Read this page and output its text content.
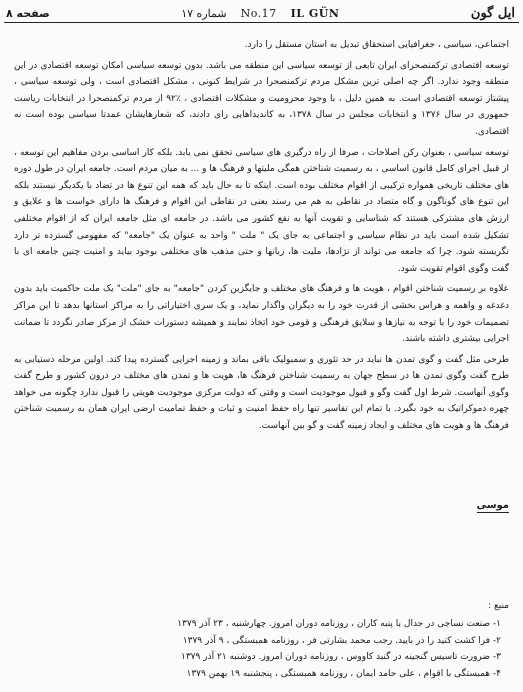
صفحه ۸	شماره ۱۷ No.17 IL GÜN	ایل گون

اجتماعی، سیاسی ، جغرافیایی استحقاق تبدیل به استان مستقل را دارد.

توسعه اقتصادی ترکمنصحرای ایران تابعی از توسعه سیاسی این منطقه می باشد. بدون توسعه سیاسی امکان توسعه اقتصادی در این منطقه وجود ندارد. اگر چه اصلی ترین مشکل مردم ترکمنصحرا در شرایط کنونی ، مشکل اقتصادی است ، ولی توسعه سیاسی ، پیشتاز توسعه اقتصادی است. به همین دلیل ، با وجود محرومیت و مشکلات اقتصادی ، ٪۹۲ از مردم ترکمنصحرا در انتخابات ریاست جمهوری در سال ۱۳۷۶ و انتخابات مجلس در سال ۱۳۷۸، به کاندیداهایی رای دادند، که شعارهایشان عمدتا سیاسی بوده است نه اقتصادی.

توسعه سیاسی ، بعنوان رکن اصلاحات ، صرفا از راه درگیری های سیاسی تحقق نمی یابد. بلکه کار اساسی بردن مفاهیم این توسعه ، از قبیل اجرای کامل قانون اساسی ، به رسمیت شناختن همگی ملیتها و فرهنگ ها و ... به میان مردم است. جامعه ایران در طول دوره های مختلف تاریخی همواره ترکیبی از اقوام مختلف بوده است. اینکه تا به حال باید که همه این تنوع ها در تضاد با یکدیگر نیستند بلکه این تنوع های گوناگون و گاه متضاد در نقاطی به هم می رسند یعنی در نقاطی این اقوام و فرهنگ ها دارای خواست ها و علایق و ارزش های مشترکی هستند که شناسایی و تقویت آنها به نفع کشور می باشد. در جامعه ای مثل جامعه ایران که از اقوام مختلفی تشکیل شده است باید در نظام سیاسی و اجتماعی به جای یک " ملت " واحد به عنوان یک "جامعه" که مفهومی گسترده تر دارد نگریسته شود. چرا که جامعه می تواند از نژادها، ملیت ها، زبانها و حتی مذهب های مختلفی بوجود بیاید و امنیت چنین جامعه ای با گفت وگوی اقوام تقویت شود.

علاوه بر رسمیت شناختن اقوام ، هویت ها و فرهنگ های مختلف و جایگزین کردن "جامعه" به جای "ملت" یک ملت حاکمیت باید بدون دغدغه و واهمه و هراس بخشی از قدرت خود را به دیگران واگذار نماید، و یک سری اختیاراتی را به مراکز استانها بدهد تا این مراکز تصمیمات خود را با توجه به نیازها و سلایق فرهنگی و قومی خود اتخاذ نمایند و همیشه دستورات خشک از مرکز صادر نگردد تا ضمانت اجرایی بیشتری داشته باشند.

طرحی مثل گفت و گوی تمدن ها نباید در حد تئوری و سمبولیک باقی بماند و زمینه اجرایی گسترده پیدا کند. اولین مرحله دستیابی به طرح گفت وگوی تمدن ها در سطح جهان به رسمیت شناختن فرهنگ ها، هویت ها و تمدن های مختلف در درون کشور و طرح گفت وگوی آنهاست. شرط اول گفت وگو و قبول موجودیت است و وقتی که دولت مرکزی موجودیت هویتی را قبول ندارد چگونه می خواهد چهره دموکراتیک به خود بگیرد. با تمام این تفاسیر تنها راه حفظ امنیت و ثبات و حفظ تمامیت ارضی ایران همان به رسمیت شناختن فرهنگ ها و هویت های مختلف و ایجاد زمینه گفت و گو بین آنهاست.

موسی
منبع :
۱- صنعت نساجی در جدال با پنبه کاران ، روزنامه دوران امروز. چهارشنبه ، ۲۳ آذر ۱۳۷۹
۲- فرا کشت کنید را در بایید. رجب محمد بشارتی فر ، روزنامه همبستگی ، ۹ آذر ۱۳۷۹
۳- ضرورت تاسیس گنجینه در گنبد کاووس ، روزنامه دوران امروز. دوشنبه ۲۱ آذر ۱۳۷۹
۴- همبستگی با اقوام ، علی حامد ایمان ، روزنامه همبستگی ، پنجشنبه ۱۹ بهمن ۱۳۷۹
